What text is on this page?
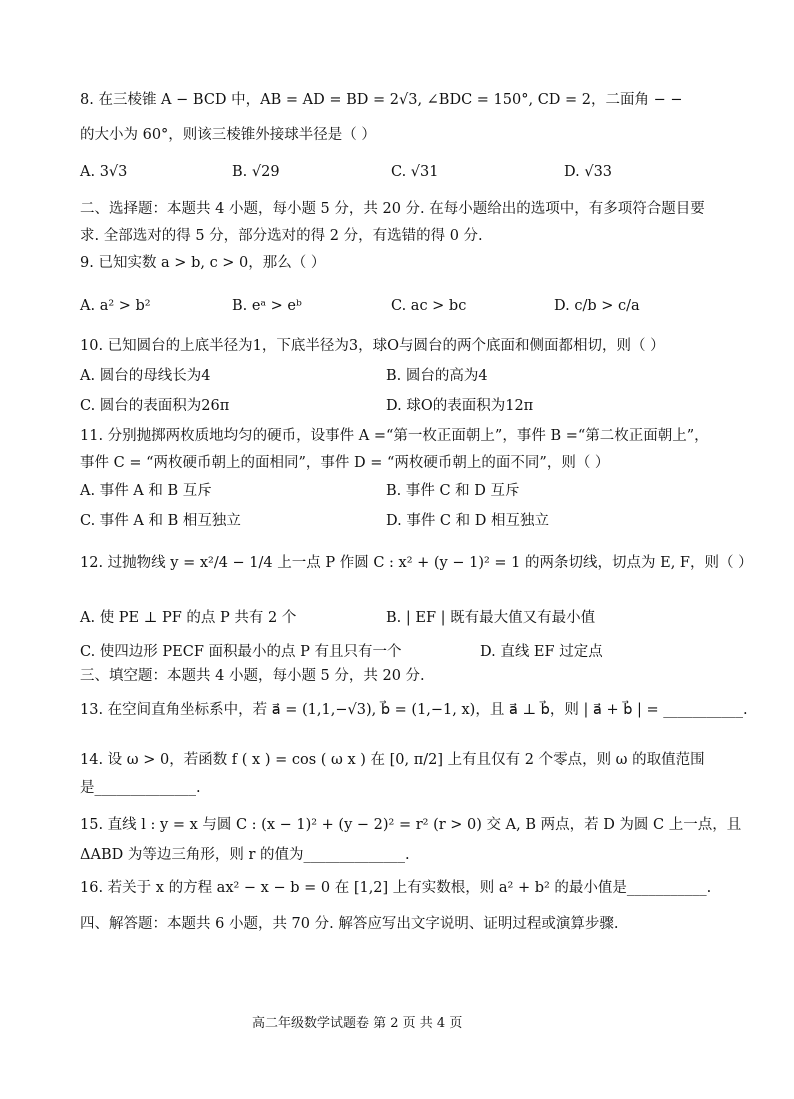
8. 在三棱锥 A − BCD 中，AB = AD = BD = 2√3, ∠BDC = 150°, CD = 2，二面角 − −
的大小为 60°，则该三棱锥外接球半径是（ ）
A. 3√3	B. √29	C. √31	D. √33
二、选择题：本题共 4 小题，每小题 5 分，共 20 分. 在每小题给出的选项中，有多项符合题目要
求. 全部选对的得 5 分，部分选对的得 2 分，有选错的得 0 分.
9. 已知实数 a > b, c > 0，那么（ ）
A. a² > b²	B. eᵃ > eᵇ	C. ac > bc	D. c/b > c/a
10. 已知圆台的上底半径为1，下底半径为3，球O与圆台的两个底面和侧面都相切，则（ ）
A. 圆台的母线长为4	B. 圆台的高为4
C. 圆台的表面积为26π	D. 球O的表面积为12π
11. 分别抛掷两枚质地均匀的硬币，设事件 A =“第一枚正面朝上”，事件 B =“第二枚正面朝上”，
事件 C = “两枚硬币朝上的面相同”，事件 D = “两枚硬币朝上的面不同”，则（ ）
A. 事件 A 和 B 互斥	B. 事件 C 和 D 互斥
C. 事件 A 和 B 相互独立	D. 事件 C 和 D 相互独立
12. 过抛物线 y = x²/4 − 1/4 上一点 P 作圆 C : x² + (y − 1)² = 1 的两条切线，切点为 E, F，则（ ）
A. 使 PE ⊥ PF 的点 P 共有 2 个	B. | EF | 既有最大值又有最小值
C. 使四边形 PECF 面积最小的点 P 有且只有一个	D. 直线 EF 过定点
三、填空题：本题共 4 小题，每小题 5 分，共 20 分.
13. 在空间直角坐标系中，若 a⃗ = (1,1,−√3), b⃗ = (1,−1, x)，且 a⃗ ⊥ b⃗，则 | a⃗ + b⃗ | = ___________.
14. 设 ω > 0，若函数 f ( x ) = cos ( ω x ) 在 [0, π/2] 上有且仅有 2 个零点，则 ω 的取值范围
是______________.
15. 直线 l : y = x 与圆 C : (x − 1)² + (y − 2)² = r² (r > 0) 交 A, B 两点，若 D 为圆 C 上一点，且
ΔABD 为等边三角形，则 r 的值为______________.
16. 若关于 x 的方程 ax² − x − b = 0 在 [1,2] 上有实数根，则 a² + b² 的最小值是___________.
四、解答题：本题共 6 小题，共 70 分. 解答应写出文字说明、证明过程或演算步骤.
高二年级数学试题卷 第 2 页 共 4 页
